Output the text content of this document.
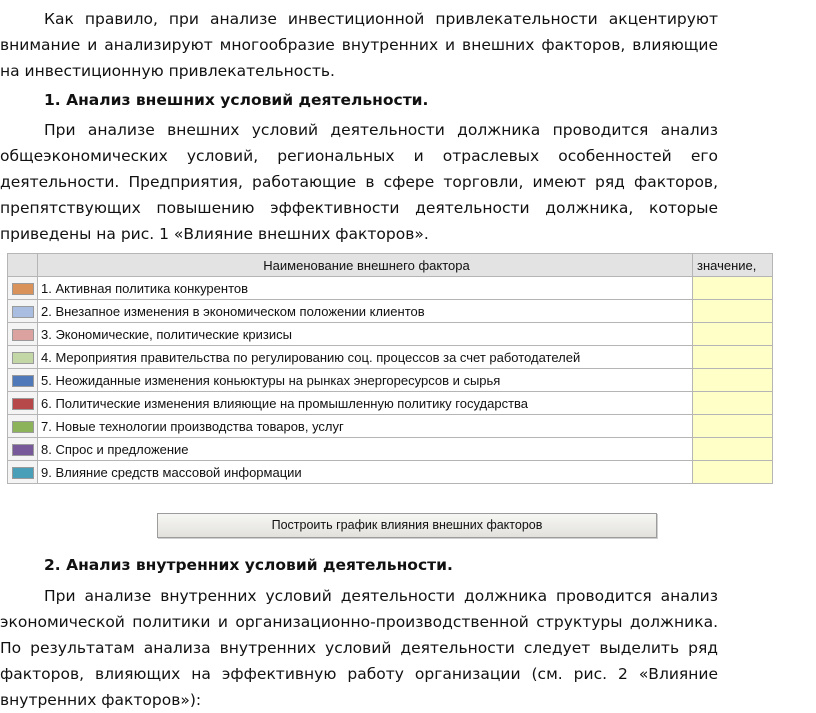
Как правило, при анализе инвестиционной привлекательности акцентируют внимание и анализируют многообразие внутренних и внешних факторов, влияющие на инвестиционную привлекательность.

1. Анализ внешних условий деятельности.

При анализе внешних условий деятельности должника проводится анализ общеэкономических условий, региональных и отраслевых особенностей его деятельности. Предприятия, работающие в сфере торговли, имеют ряд факторов, препятствующих повышению эффективности деятельности должника, которые приведены на рис. 1 «Влияние внешних факторов».

	Наименование внешнего фактора	значение,
	1. Активная политика конкурентов	
	2. Внезапное изменения в экономическом положении клиентов	
	3. Экономические, политические кризисы	
	4. Мероприятия правительства по регулированию соц. процессов за счет работодателей	
	5. Неожиданные изменения коньюктуры на рынках энергоресурсов и сырья	
	6. Политические изменения влияющие на промышленную политику государства	
	7. Новые технологии производства товаров, услуг	
	8. Спрос и предложение	
	9. Влияние средств массовой информации	
Построить график влияния внешних факторов

2. Анализ внутренних условий деятельности.

При анализе внутренних условий деятельности должника проводится анализ экономической политики и организационно-производственной структуры должника. По результатам анализа внутренних условий деятельности следует выделить ряд факторов, влияющих на эффективную работу организации (см. рис. 2 «Влияние внутренних факторов»):
